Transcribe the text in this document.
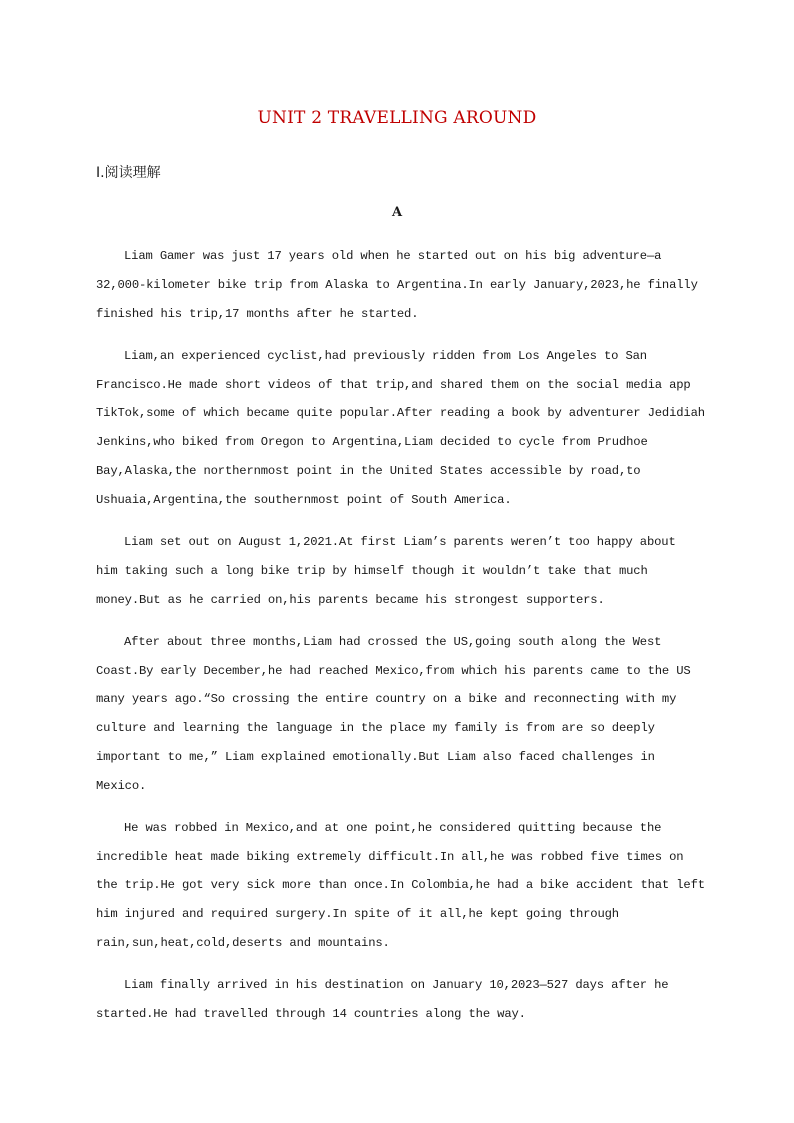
UNIT 2 TRAVELLING AROUND
Ⅰ.阅读理解
A
Liam Gamer was just 17 years old when he started out on his big adventure—a
32,000-kilometer bike trip from Alaska to Argentina.In early January,2023,he finally
finished his trip,17 months after he started.
Liam,an experienced cyclist,had previously ridden from Los Angeles to San
Francisco.He made short videos of that trip,and shared them on the social media app
TikTok,some of which became quite popular.After reading a book by adventurer Jedidiah
Jenkins,who biked from Oregon to Argentina,Liam decided to cycle from Prudhoe
Bay,Alaska,the northernmost point in the United States accessible by road,to
Ushuaia,Argentina,the southernmost point of South America.
Liam set out on August 1,2021.At first Liam’s parents weren’t too happy about
him taking such a long bike trip by himself though it wouldn’t take that much
money.But as he carried on,his parents became his strongest supporters.
After about three months,Liam had crossed the US,going south along the West
Coast.By early December,he had reached Mexico,from which his parents came to the US
many years ago.“So crossing the entire country on a bike and reconnecting with my
culture and learning the language in the place my family is from are so deeply
important to me,” Liam explained emotionally.But Liam also faced challenges in
Mexico.
He was robbed in Mexico,and at one point,he considered quitting because the
incredible heat made biking extremely difficult.In all,he was robbed five times on
the trip.He got very sick more than once.In Colombia,he had a bike accident that left
him injured and required surgery.In spite of it all,he kept going through
rain,sun,heat,cold,deserts and mountains.
Liam finally arrived in his destination on January 10,2023—527 days after he
started.He had travelled through 14 countries along the way.
